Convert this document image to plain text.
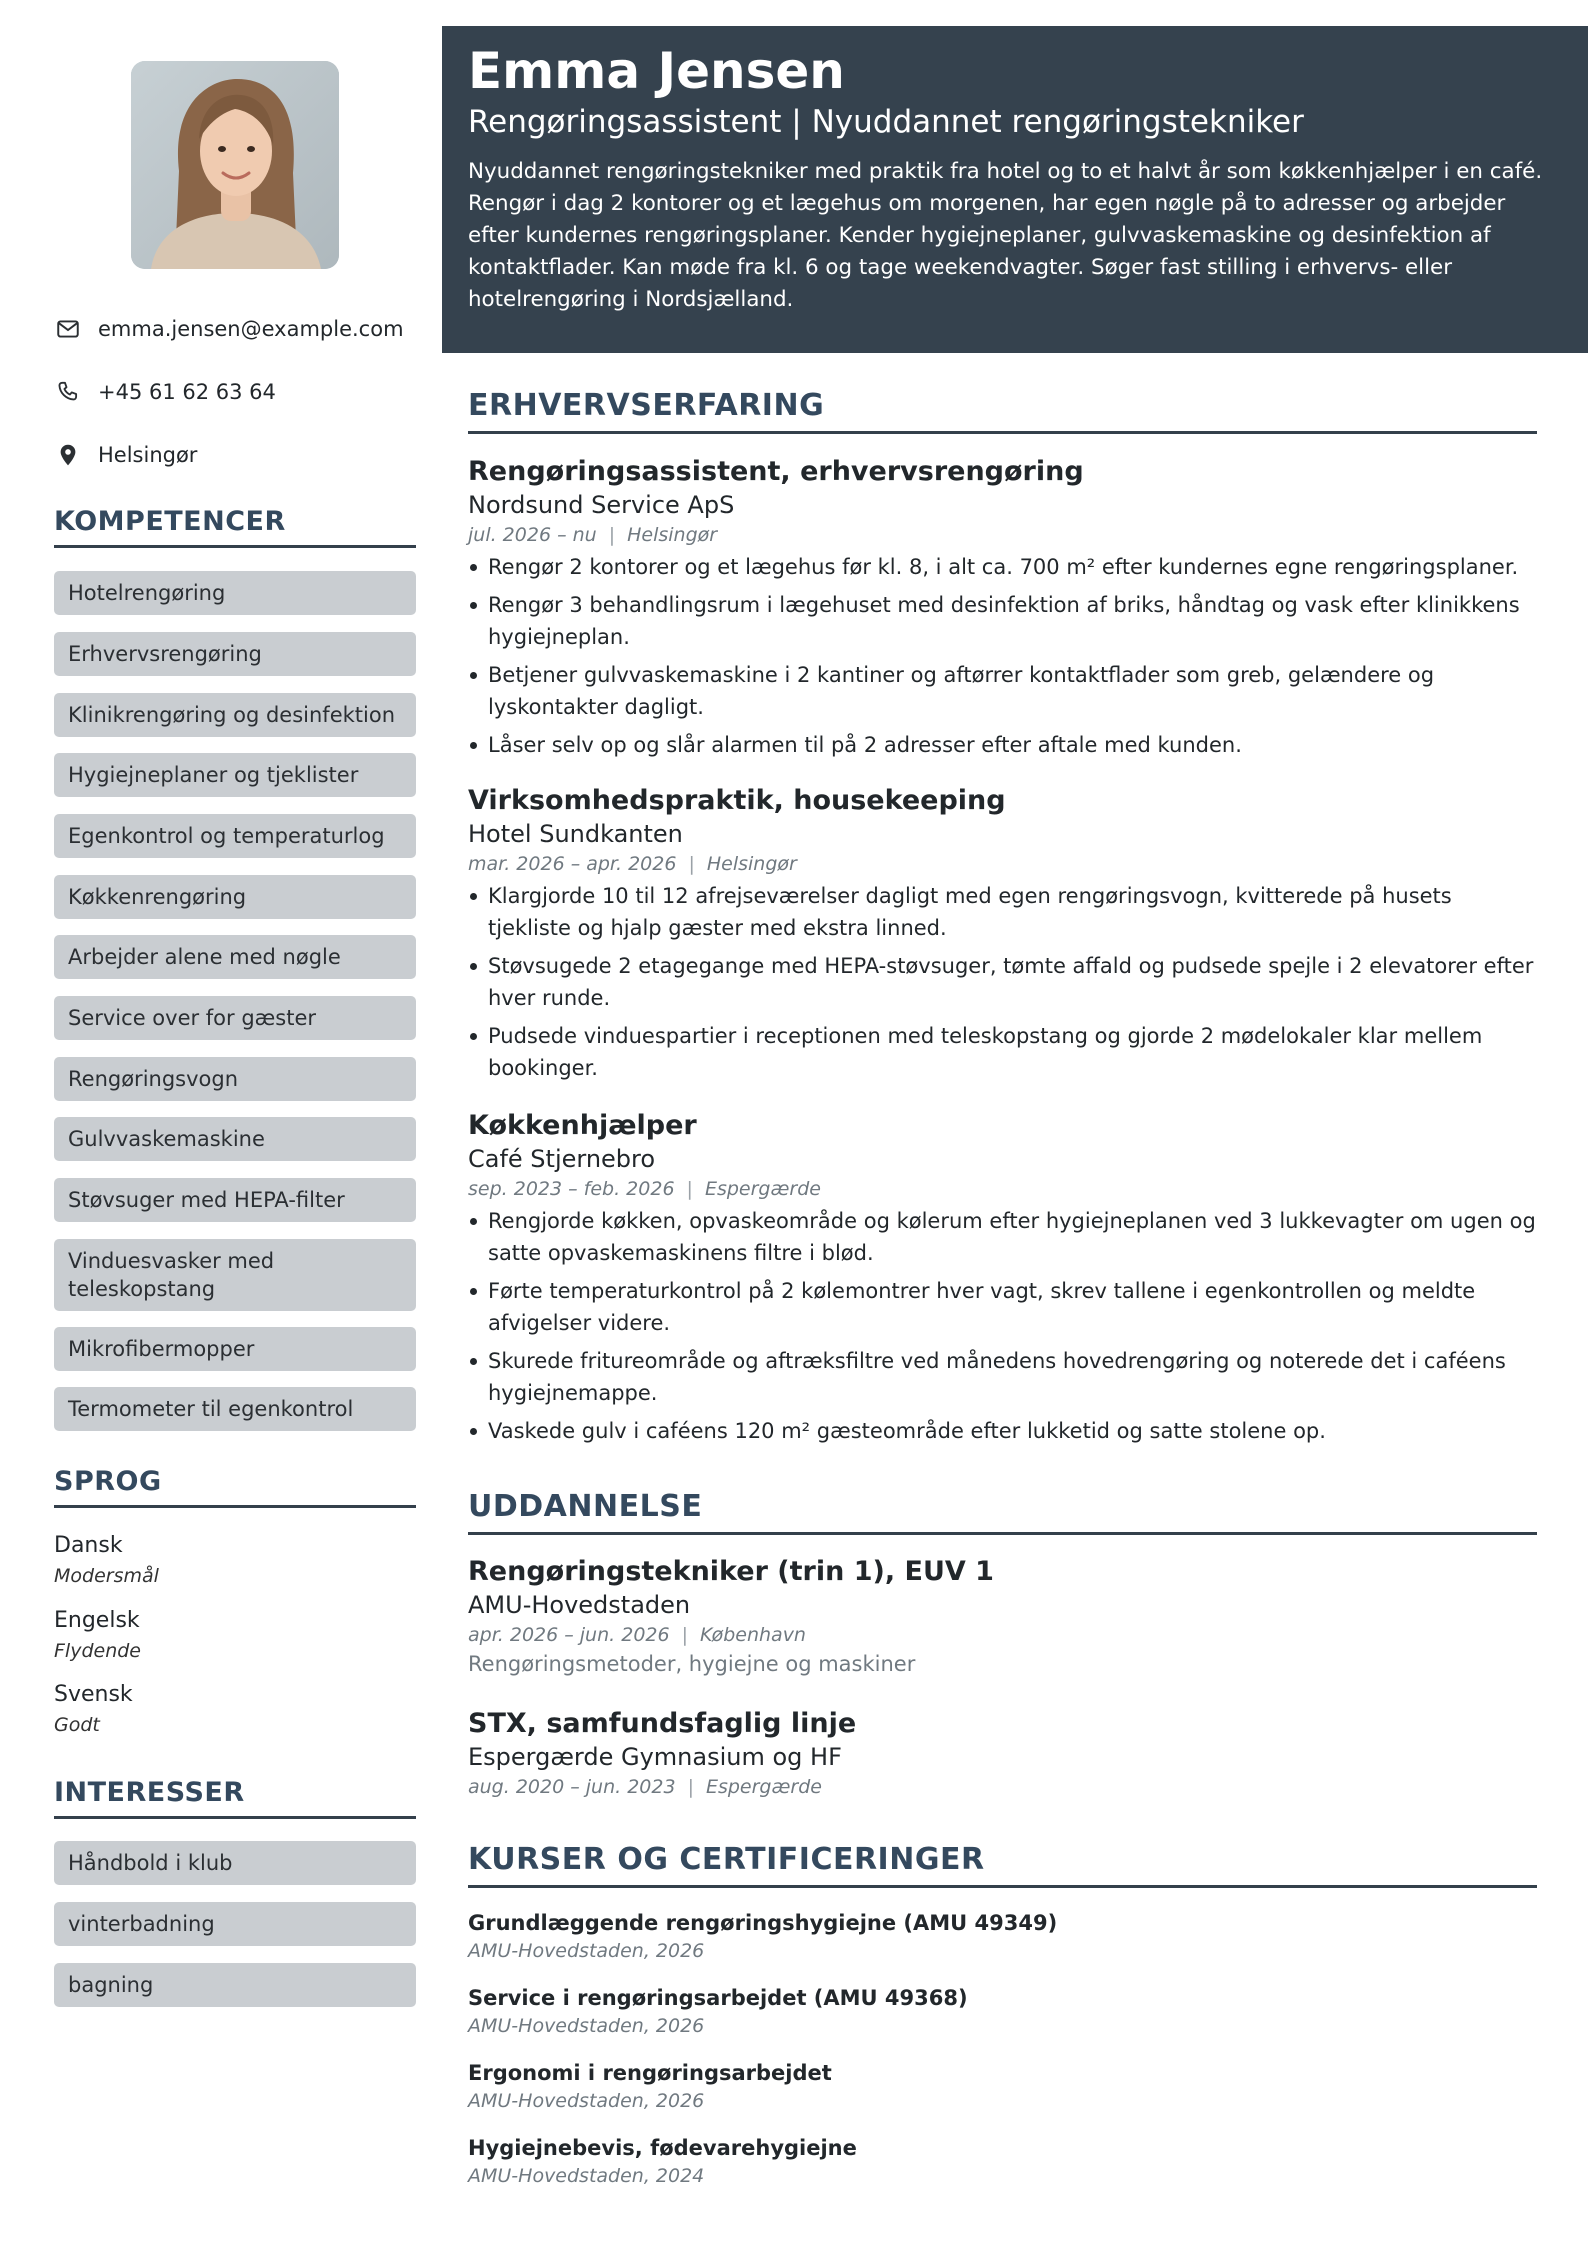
emma.jensen@example.com
+45 61 62 63 64
Helsingør
KOMPETENCER
Hotelrengøring
Erhvervsrengøring
Klinikrengøring og desinfektion
Hygiejneplaner og tjeklister
Egenkontrol og temperaturlog
Køkkenrengøring
Arbejder alene med nøgle
Service over for gæster
Rengøringsvogn
Gulvvaskemaskine
Støvsuger med HEPA-filter
Vinduesvasker med teleskopstang
Mikrofibermopper
Termometer til egenkontrol
SPROG
Dansk
Modersmål
Engelsk
Flydende
Svensk
Godt
INTERESSER
Håndbold i klub
vinterbadning
bagning
Emma Jensen
Rengøringsassistent | Nyuddannet rengøringstekniker
Nyuddannet rengøringstekniker med praktik fra hotel og to et halvt år som køkkenhjælper i en café. Rengør i dag 2 kontorer og et lægehus om morgenen, har egen nøgle på to adresser og arbejder efter kundernes rengøringsplaner. Kender hygiejneplaner, gulvvaskemaskine og desinfektion af kontaktflader. Kan møde fra kl. 6 og tage weekendvagter. Søger fast stilling i erhvervs- eller hotelrengøring i Nordsjælland.
ERHVERVSERFARING
Rengøringsassistent, erhvervsrengøring
Nordsund Service ApS
jul. 2026 – nu | Helsingør
Rengør 2 kontorer og et lægehus før kl. 8, i alt ca. 700 m² efter kundernes egne rengøringsplaner.
Rengør 3 behandlingsrum i lægehuset med desinfektion af briks, håndtag og vask efter klinikkens hygiejneplan.
Betjener gulvvaskemaskine i 2 kantiner og aftørrer kontaktflader som greb, gelændere og lyskontakter dagligt.
Låser selv op og slår alarmen til på 2 adresser efter aftale med kunden.
Virksomhedspraktik, housekeeping
Hotel Sundkanten
mar. 2026 – apr. 2026 | Helsingør
Klargjorde 10 til 12 afrejseværelser dagligt med egen rengøringsvogn, kvitterede på husets tjekliste og hjalp gæster med ekstra linned.
Støvsugede 2 etagegange med HEPA-støvsuger, tømte affald og pudsede spejle i 2 elevatorer efter hver runde.
Pudsede vinduespartier i receptionen med teleskopstang og gjorde 2 mødelokaler klar mellem bookinger.
Køkkenhjælper
Café Stjernebro
sep. 2023 – feb. 2026 | Espergærde
Rengjorde køkken, opvaskeområde og kølerum efter hygiejneplanen ved 3 lukkevagter om ugen og satte opvaskemaskinens filtre i blød.
Førte temperaturkontrol på 2 kølemontrer hver vagt, skrev tallene i egenkontrollen og meldte afvigelser videre.
Skurede fritureområde og aftræksfiltre ved månedens hovedrengøring og noterede det i caféens hygiejnemappe.
Vaskede gulv i caféens 120 m² gæsteområde efter lukketid og satte stolene op.
UDDANNELSE
Rengøringstekniker (trin 1), EUV 1
AMU-Hovedstaden
apr. 2026 – jun. 2026 | København
Rengøringsmetoder, hygiejne og maskiner
STX, samfundsfaglig linje
Espergærde Gymnasium og HF
aug. 2020 – jun. 2023 | Espergærde
KURSER OG CERTIFICERINGER
Grundlæggende rengøringshygiejne (AMU 49349)
AMU-Hovedstaden, 2026
Service i rengøringsarbejdet (AMU 49368)
AMU-Hovedstaden, 2026
Ergonomi i rengøringsarbejdet
AMU-Hovedstaden, 2026
Hygiejnebevis, fødevarehygiejne
AMU-Hovedstaden, 2024
